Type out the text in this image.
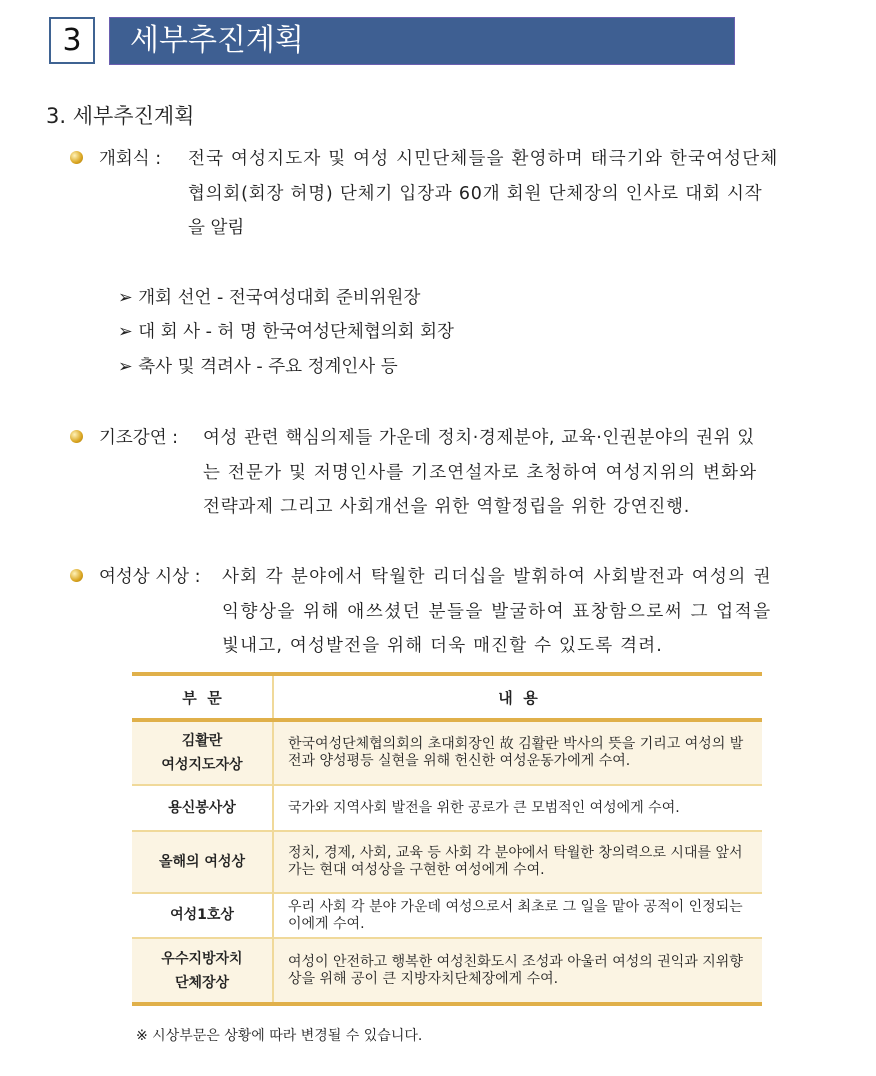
3	세부추진계획
3. 세부추진계획
개회식 : 전국 여성지도자 및 여성 시민단체들을 환영하며 태극기와 한국여성단체
협의회(회장 허명) 단체기 입장과 60개 회원 단체장의 인사로 대회 시작
을 알림
➢ 개회 선언 - 전국여성대회 준비위원장
➢ 대 회 사 - 허 명 한국여성단체협의회 회장
➢ 축사 및 격려사 - 주요 정계인사 등
기조강연 : 여성 관련 핵심의제들 가운데 정치·경제분야, 교육·인권분야의 권위 있
는 전문가 및 저명인사를 기조연설자로 초청하여 여성지위의 변화와
전략과제 그리고 사회개선을 위한 역할정립을 위한 강연진행.
여성상 시상 : 사회 각 분야에서 탁월한 리더십을 발휘하여 사회발전과 여성의 권
익향상을 위해 애쓰셨던 분들을 발굴하여 표창함으로써 그 업적을
빛내고, 여성발전을 위해 더욱 매진할 수 있도록 격려.
부  문	내  용
김활란
여성지도자상	한국여성단체협의회의 초대회장인 故 김활란 박사의 뜻을 기리고 여성의 발전과 양성평등 실현을 위해 헌신한 여성운동가에게 수여.
용신봉사상	국가와 지역사회 발전을 위한 공로가 큰 모범적인 여성에게 수여.
올해의 여성상	정치, 경제, 사회, 교육 등 사회 각 분야에서 탁월한 창의력으로 시대를 앞서가는 현대 여성상을 구현한 여성에게 수여.
여성1호상	우리 사회 각 분야 가운데 여성으로서 최초로 그 일을 맡아 공적이 인정되는 이에게 수여.
우수지방자치
단체장상	여성이 안전하고 행복한 여성친화도시 조성과 아울러 여성의 권익과 지위향상을 위해 공이 큰 지방자치단체장에게 수여.
※ 시상부문은 상황에 따라 변경될 수 있습니다.
